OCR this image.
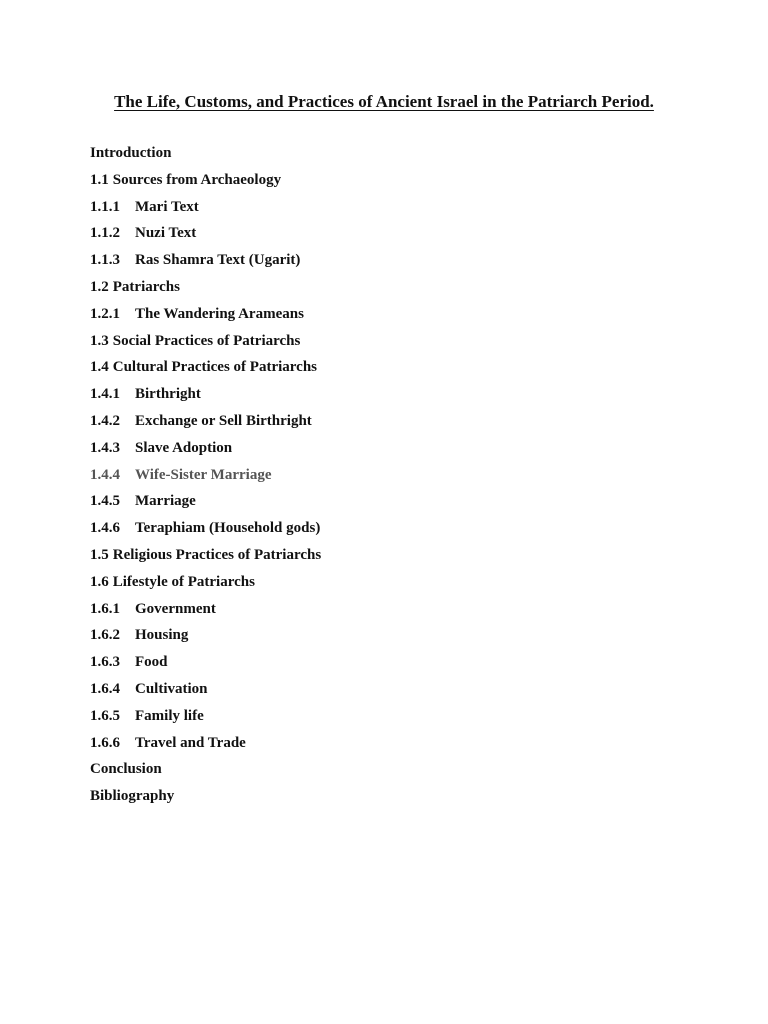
The Life, Customs, and Practices of Ancient Israel in the Patriarch Period.
Introduction
1.1 Sources from Archaeology
1.1.1 Mari Text
1.1.2 Nuzi Text
1.1.3 Ras Shamra Text (Ugarit)
1.2 Patriarchs
1.2.1 The Wandering Arameans
1.3 Social Practices of Patriarchs
1.4 Cultural Practices of Patriarchs
1.4.1 Birthright
1.4.2 Exchange or Sell Birthright
1.4.3 Slave Adoption
1.4.4 Wife-Sister Marriage
1.4.5 Marriage
1.4.6 Teraphiam (Household gods)
1.5 Religious Practices of Patriarchs
1.6 Lifestyle of Patriarchs
1.6.1 Government
1.6.2 Housing
1.6.3 Food
1.6.4 Cultivation
1.6.5 Family life
1.6.6 Travel and Trade
Conclusion
Bibliography
